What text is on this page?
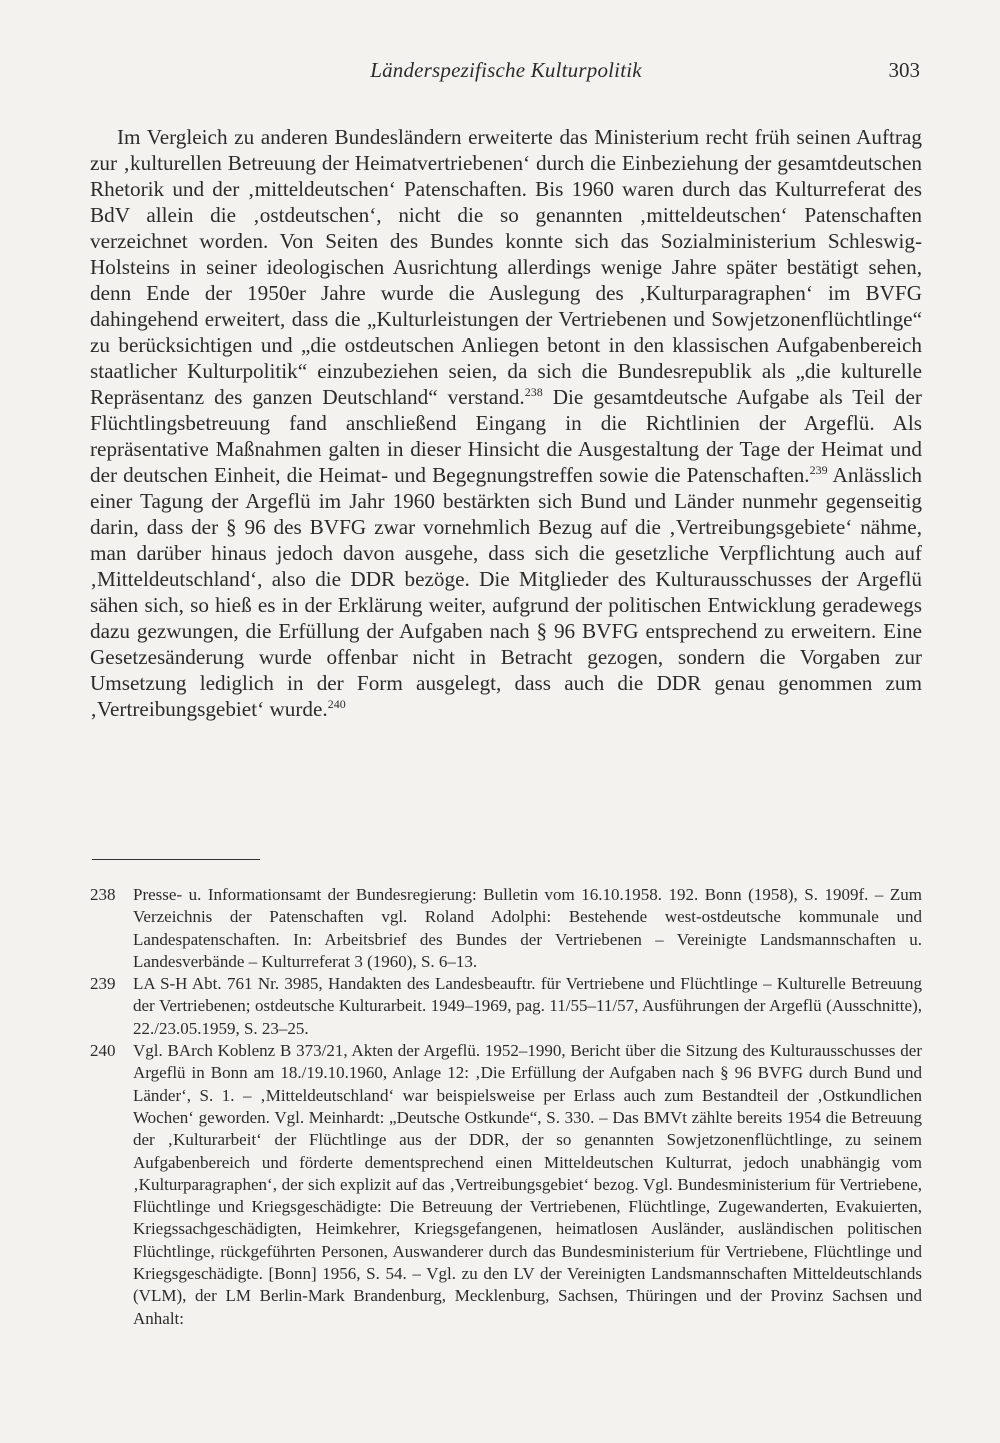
Länderspezifische Kulturpolitik	303

Im Vergleich zu anderen Bundesländern erweiterte das Ministerium recht früh seinen Auftrag zur ‚kulturellen Betreuung der Heimatvertriebenen‘ durch die Einbeziehung der gesamtdeutschen Rhetorik und der ‚mitteldeutschen‘ Patenschaften. Bis 1960 waren durch das Kulturreferat des BdV allein die ‚ostdeutschen‘, nicht die so genannten ‚mitteldeutschen‘ Patenschaften verzeichnet worden. Von Seiten des Bundes konnte sich das Sozialministerium Schleswig-Holsteins in seiner ideologischen Ausrichtung allerdings wenige Jahre später bestätigt sehen, denn Ende der 1950er Jahre wurde die Auslegung des ‚Kulturparagraphen‘ im BVFG dahingehend erweitert, dass die „Kulturleistungen der Vertriebenen und Sowjetzonenflüchtlinge“ zu berücksichtigen und „die ostdeutschen Anliegen betont in den klassischen Aufgabenbereich staatlicher Kulturpolitik“ einzubeziehen seien, da sich die Bundesrepublik als „die kulturelle Repräsentanz des ganzen Deutschland“ verstand.$^{238}$ Die gesamtdeutsche Aufgabe als Teil der Flüchtlingsbetreuung fand anschließend Eingang in die Richtlinien der Argeflü. Als repräsentative Maßnahmen galten in dieser Hinsicht die Ausgestaltung der Tage der Heimat und der deutschen Einheit, die Heimat- und Begegnungstreffen sowie die Patenschaften.$^{239}$ Anlässlich einer Tagung der Argeflü im Jahr 1960 bestärkten sich Bund und Länder nunmehr gegenseitig darin, dass der § 96 des BVFG zwar vornehmlich Bezug auf die ‚Vertreibungsgebiete‘ nähme, man darüber hinaus jedoch davon ausgehe, dass sich die gesetzliche Verpflichtung auch auf ‚Mitteldeutschland‘, also die DDR bezöge. Die Mitglieder des Kulturausschusses der Argeflü sähen sich, so hieß es in der Erklärung weiter, aufgrund der politischen Entwicklung geradewegs dazu gezwungen, die Erfüllung der Aufgaben nach § 96 BVFG entsprechend zu erweitern. Eine Gesetzesänderung wurde offenbar nicht in Betracht gezogen, sondern die Vorgaben zur Umsetzung lediglich in der Form ausgelegt, dass auch die DDR genau genommen zum ‚Vertreibungsgebiet‘ wurde.$^{240}$

238 Presse- u. Informationsamt der Bundesregierung: Bulletin vom 16.10.1958. 192. Bonn (1958), S. 1909f. – Zum Verzeichnis der Patenschaften vgl. Roland Adolphi: Bestehende west-ostdeutsche kommunale und Landespatenschaften. In: Arbeitsbrief des Bundes der Vertriebenen – Vereinigte Landsmannschaften u. Landesverbände – Kulturreferat 3 (1960), S. 6–13.

239 LA S-H Abt. 761 Nr. 3985, Handakten des Landesbeauftr. für Vertriebene und Flüchtlinge – Kulturelle Betreuung der Vertriebenen; ostdeutsche Kulturarbeit. 1949–1969, pag. 11/55–11/57, Ausführungen der Argeflü (Ausschnitte), 22./23.05.1959, S. 23–25.

240 Vgl. BArch Koblenz B 373/21, Akten der Argeflü. 1952–1990, Bericht über die Sitzung des Kulturausschusses der Argeflü in Bonn am 18./19.10.1960, Anlage 12: ‚Die Erfüllung der Aufgaben nach § 96 BVFG durch Bund und Länder‘, S. 1. – ‚Mitteldeutschland‘ war beispielsweise per Erlass auch zum Bestandteil der ‚Ostkundlichen Wochen‘ geworden. Vgl. Meinhardt: „Deutsche Ostkunde“, S. 330. – Das BMVt zählte bereits 1954 die Betreuung der ‚Kulturarbeit‘ der Flüchtlinge aus der DDR, der so genannten Sowjetzonenflüchtlinge, zu seinem Aufgabenbereich und förderte dementsprechend einen Mitteldeutschen Kulturrat, jedoch unabhängig vom ‚Kulturparagraphen‘, der sich explizit auf das ‚Vertreibungsgebiet‘ bezog. Vgl. Bundesministerium für Vertriebene, Flüchtlinge und Kriegsgeschädigte: Die Betreuung der Vertriebenen, Flüchtlinge, Zugewanderten, Evakuierten, Kriegssachgeschädigten, Heimkehrer, Kriegsgefangenen, heimatlosen Ausländer, ausländischen politischen Flüchtlinge, rückgeführten Personen, Auswanderer durch das Bundesministerium für Vertriebene, Flüchtlinge und Kriegsgeschädigte. [Bonn] 1956, S. 54. – Vgl. zu den LV der Vereinigten Landsmannschaften Mitteldeutschlands (VLM), der LM Berlin-Mark Brandenburg, Mecklenburg, Sachsen, Thüringen und der Provinz Sachsen und Anhalt:
